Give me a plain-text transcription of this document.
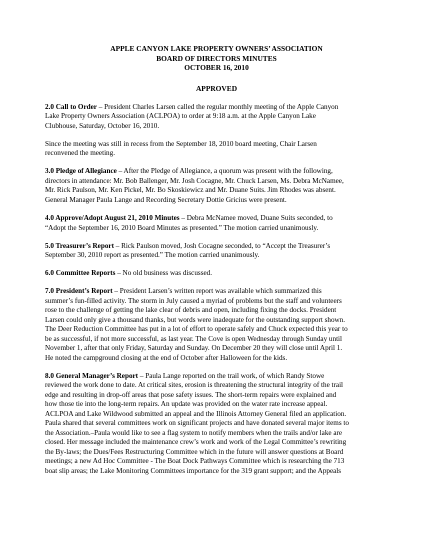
APPLE CANYON LAKE PROPERTY OWNERS’ ASSOCIATION
BOARD OF DIRECTORS MINUTES
OCTOBER 16, 2010
APPROVED
2.0 Call to Order – President Charles Larsen called the regular monthly meeting of the Apple Canyon
Lake Property Owners Association (ACLPOA) to order at 9:18 a.m. at the Apple Canyon Lake
Clubhouse, Saturday, October 16, 2010.
Since the meeting was still in recess from the September 18, 2010 board meeting, Chair Larsen
reconvened the meeting.
3.0 Pledge of Allegiance – After the Pledge of Allegiance, a quorum was present with the following,
directors in attendance: Mr. Bob Ballenger, Mr. Josh Cocagne, Mr. Chuck Larsen, Ms. Debra McNamee,
Mr. Rick Paulson, Mr. Ken Pickel, Mr. Bo Skoskiewicz and Mr. Duane Suits. Jim Rhodes was absent.
General Manager Paula Lange and Recording Secretary Dottie Gricius were present.
4.0 Approve/Adopt August 21, 2010 Minutes – Debra McNamee moved, Duane Suits seconded, to
“Adopt the September 16, 2010 Board Minutes as presented.” The motion carried unanimously.
5.0 Treasurer’s Report – Rick Paulson moved, Josh Cocagne seconded, to “Accept the Treasurer’s
September 30, 2010 report as presented.” The motion carried unanimously.
6.0 Committee Reports – No old business was discussed.
7.0 President’s Report – President Larsen’s written report was available which summarized this
summer’s fun-filled activity. The storm in July caused a myriad of problems but the staff and volunteers
rose to the challenge of getting the lake clear of debris and open, including fixing the docks. President
Larsen could only give a thousand thanks, but words were inadequate for the outstanding support shown.
The Deer Reduction Committee has put in a lot of effort to operate safely and Chuck expected this year to
be as successful, if not more successful, as last year. The Cove is open Wednesday through Sunday until
November 1, after that only Friday, Saturday and Sunday. On December 20 they will close until April 1.
He noted the campground closing at the end of October after Halloween for the kids.
8.0 General Manager’s Report – Paula Lange reported on the trail work, of which Randy Stowe
reviewed the work done to date. At critical sites, erosion is threatening the structural integrity of the trail
edge and resulting in drop-off areas that pose safety issues. The short-term repairs were explained and
how those tie into the long-term repairs. An update was provided on the water rate increase appeal.
ACLPOA and Lake Wildwood submitted an appeal and the Illinois Attorney General filed an application.
Paula shared that several committees work on significant projects and have donated several major items to
the Association.–Paula would like to see a flag system to notify members when the trails and/or lake are
closed. Her message included the maintenance crew’s work and work of the Legal Committee’s rewriting
the By-laws; the Dues/Fees Restructuring Committee which in the future will answer questions at Board
meetings; a new Ad Hoc Committee - The Boat Dock Pathways Committee which is researching the 713
boat slip areas; the Lake Monitoring Committees importance for the 319 grant support; and the Appeals
